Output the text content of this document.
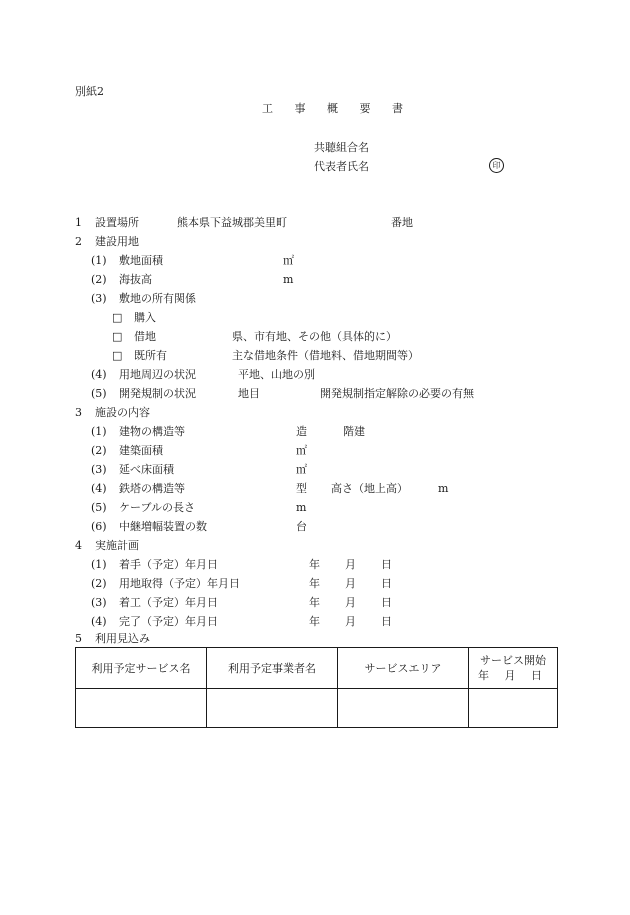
別紙2
工 事 概 要 書
共聴組合名
代表者氏名	印
1 設置場所	熊本県下益城郡美里町	番地
2 建設用地
(1) 敷地面積	㎡
(2) 海抜高	m
(3) 敷地の所有関係
□ 購入
□ 借地	県、市有地、その他（具体的に）
□ 既所有	主な借地条件（借地料、借地期間等）
(4) 用地周辺の状況	平地、山地の別
(5) 開発規制の状況	地目	開発規制指定解除の必要の有無
3 施設の内容
(1) 建物の構造等	造	階建
(2) 建築面積	㎡
(3) 延べ床面積	㎡
(4) 鉄塔の構造等	型 高さ（地上高）	m
(5) ケーブルの長さ	m
(6) 中継増幅装置の数	台
4 実施計画
(1) 着手（予定）年月日	年 月 日
(2) 用地取得（予定）年月日	年 月 日
(3) 着工（予定）年月日	年 月 日
(4) 完了（予定）年月日	年 月 日
5 利用見込み
利用予定サービス名	利用予定事業者名	サービスエリア	サービス開始
年 月 日
